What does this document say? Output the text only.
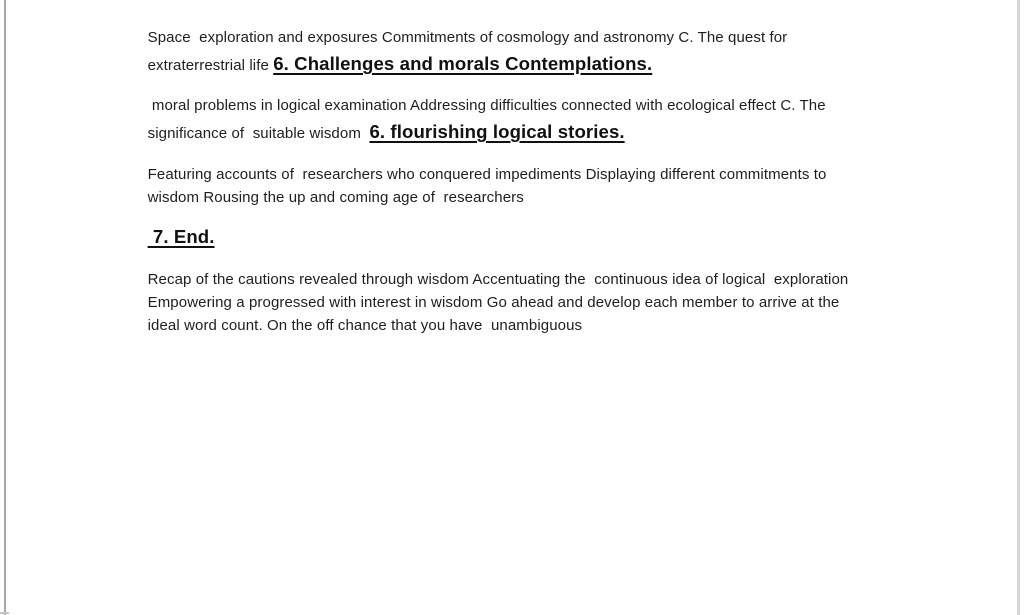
Space  exploration and exposures Commitments of cosmology and astronomy C. The quest for

extraterrestrial life 6. Challenges and morals Contemplations.

moral problems in logical examination Addressing difficulties connected with ecological effect C. The

significance of  suitable wisdom  6. flourishing logical stories.

Featuring accounts of  researchers who conquered impediments Displaying different commitments to

wisdom Rousing the up and coming age of  researchers

7. End.

Recap of the cautions revealed through wisdom Accentuating the  continuous idea of logical  exploration

Empowering a progressed with interest in wisdom Go ahead and develop each member to arrive at the

ideal word count. On the off chance that you have  unambiguous
